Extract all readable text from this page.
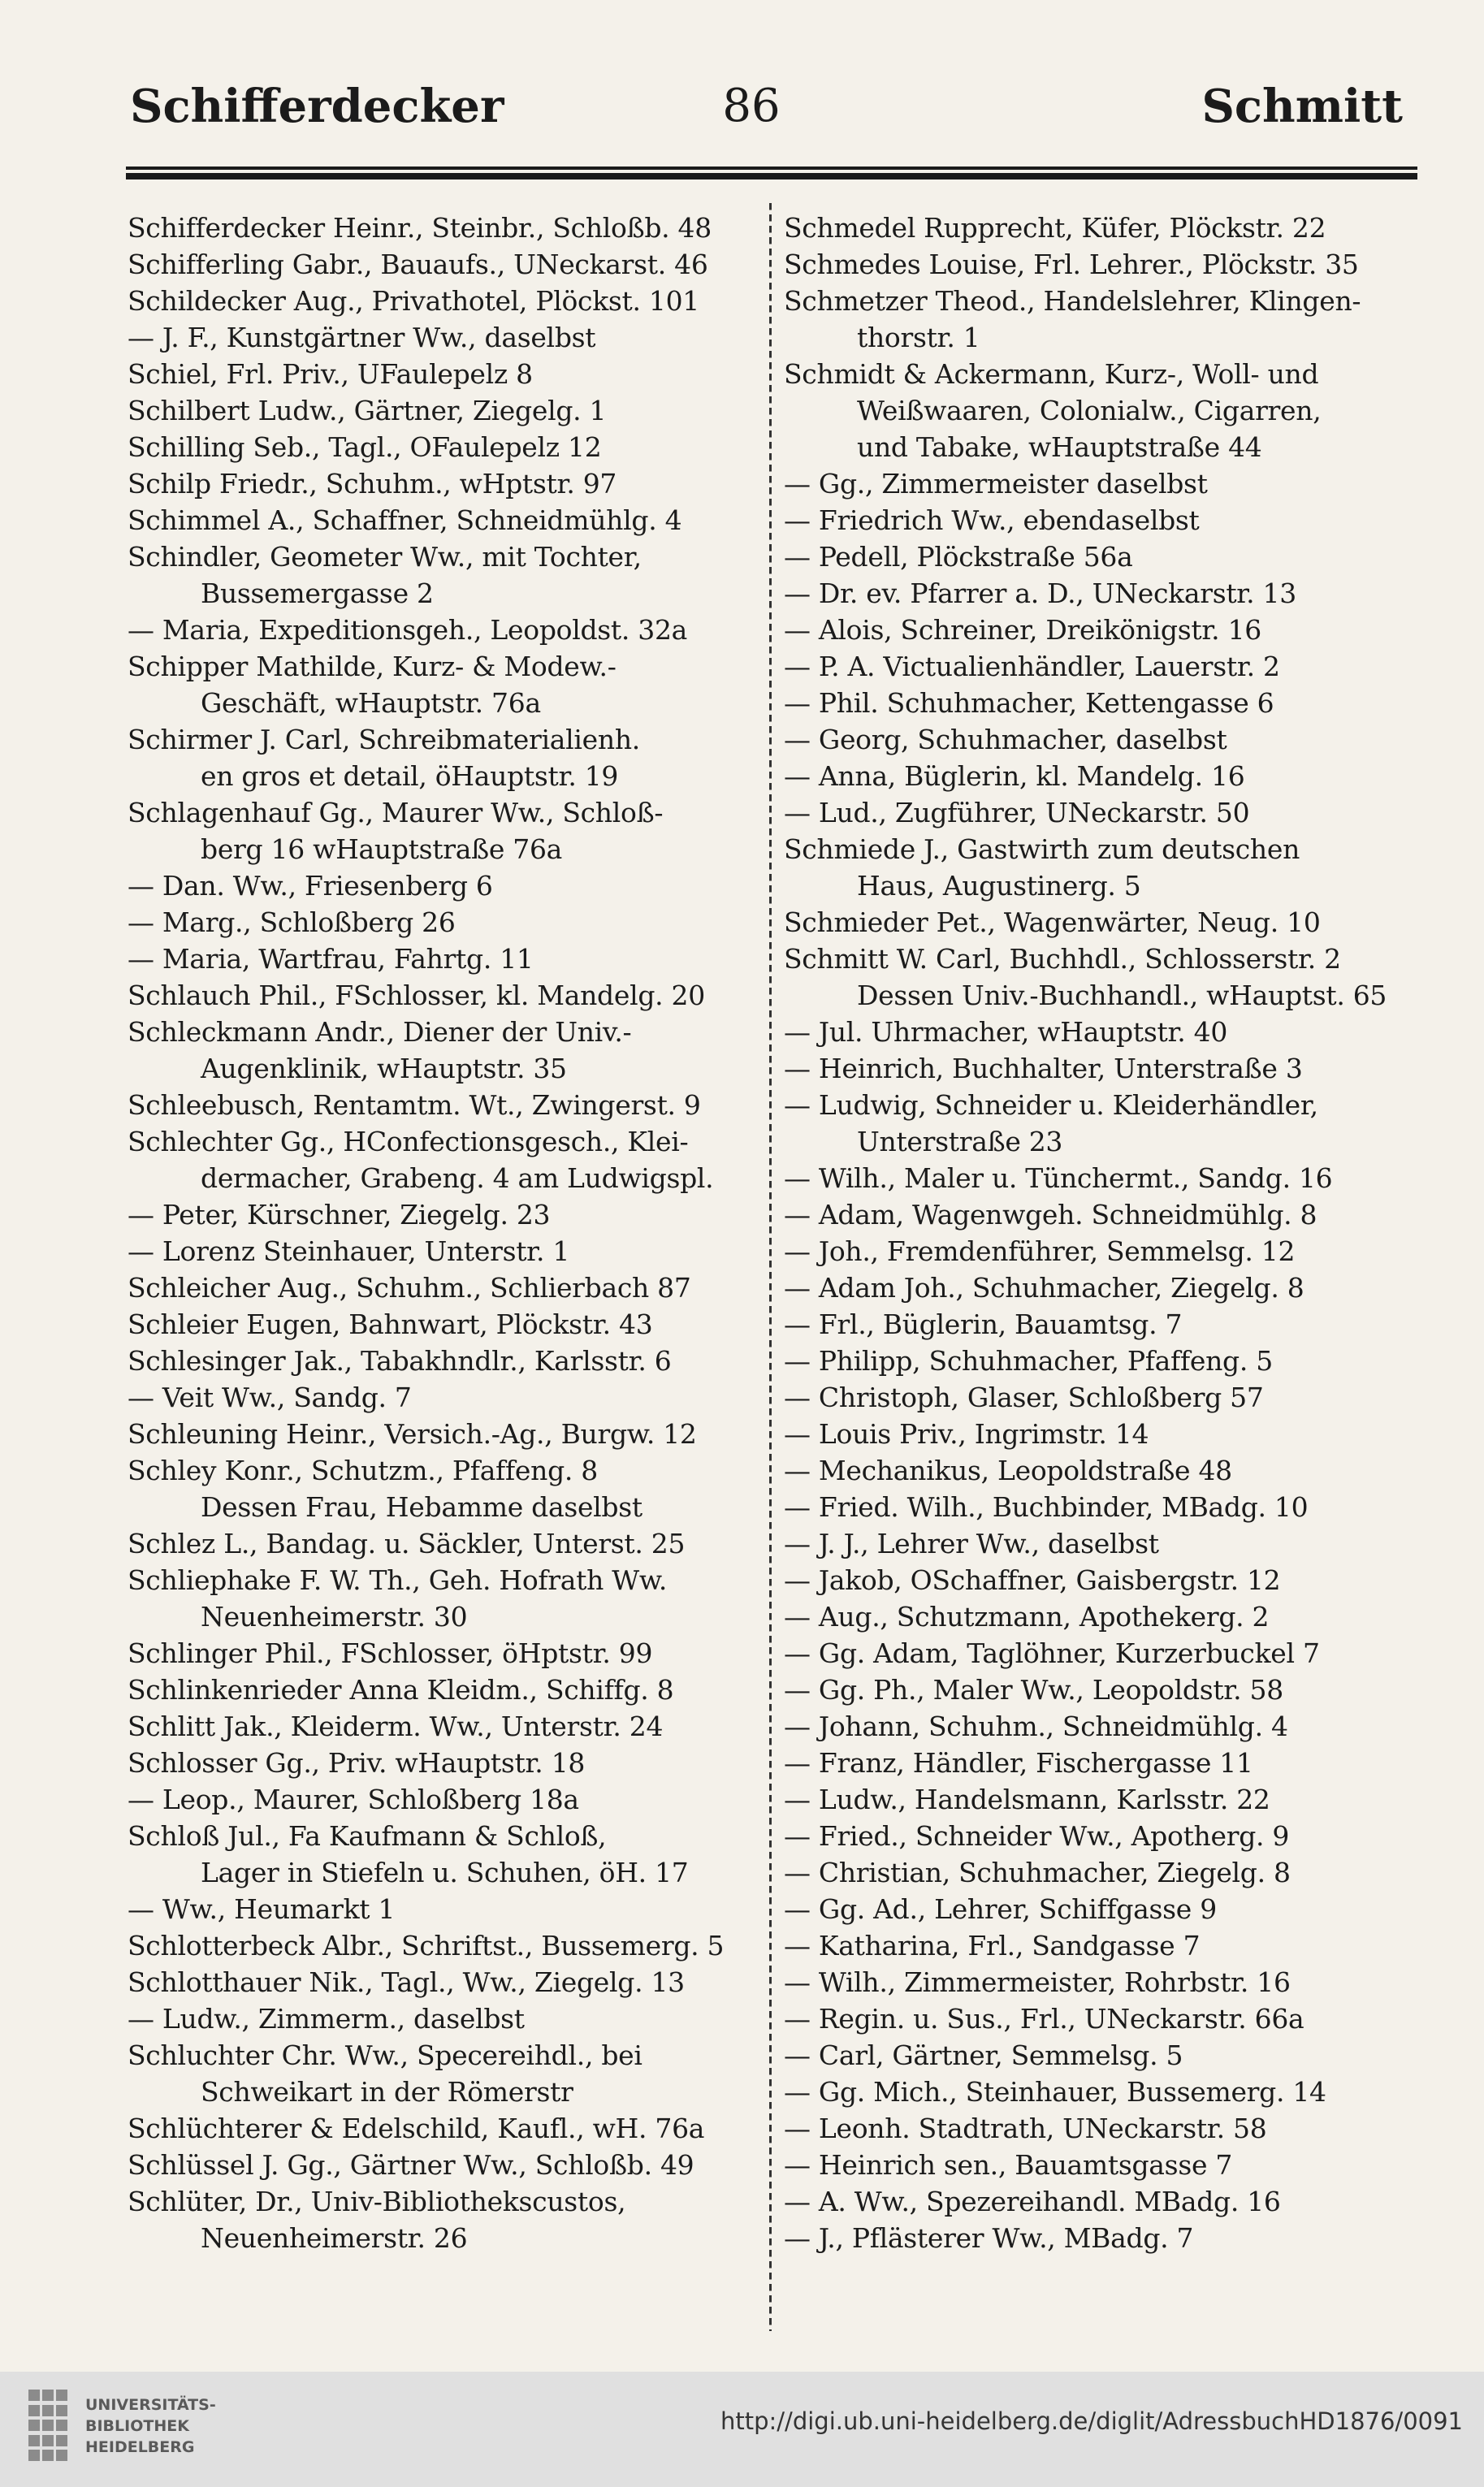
Schifferdecker	86	Schmitt
Schifferdecker Heinr., Steinbr., Schloßb. 48
Schifferling Gabr., Bauaufs., UNeckarst. 46
Schildecker Aug., Privathotel, Plöckst. 101
— J. F., Kunstgärtner Ww., daselbst
Schiel, Frl. Priv., UFaulepelz 8
Schilbert Ludw., Gärtner, Ziegelg. 1
Schilling Seb., Tagl., OFaulepelz 12
Schilp Friedr., Schuhm., wHptstr. 97
Schimmel A., Schaffner, Schneidmühlg. 4
Schindler, Geometer Ww., mit Tochter,
Bussemergasse 2
— Maria, Expeditionsgeh., Leopoldst. 32a
Schipper Mathilde, Kurz- & Modew.-
Geschäft, wHauptstr. 76a
Schirmer J. Carl, Schreibmaterialienh.
en gros et detail, öHauptstr. 19
Schlagenhauf Gg., Maurer Ww., Schloß-
berg 16 wHauptstraße 76a
— Dan. Ww., Friesenberg 6
— Marg., Schloßberg 26
— Maria, Wartfrau, Fahrtg. 11
Schlauch Phil., FSchlosser, kl. Mandelg. 20
Schleckmann Andr., Diener der Univ.-
Augenklinik, wHauptstr. 35
Schleebusch, Rentamtm. Wt., Zwingerst. 9
Schlechter Gg., HConfectionsgesch., Klei-
dermacher, Grabeng. 4 am Ludwigspl.
— Peter, Kürschner, Ziegelg. 23
— Lorenz Steinhauer, Unterstr. 1
Schleicher Aug., Schuhm., Schlierbach 87
Schleier Eugen, Bahnwart, Plöckstr. 43
Schlesinger Jak., Tabakhndlr., Karlsstr. 6
— Veit Ww., Sandg. 7
Schleuning Heinr., Versich.-Ag., Burgw. 12
Schley Konr., Schutzm., Pfaffeng. 8
Dessen Frau, Hebamme daselbst
Schlez L., Bandag. u. Säckler, Unterst. 25
Schliephake F. W. Th., Geh. Hofrath Ww.
Neuenheimerstr. 30
Schlinger Phil., FSchlosser, öHptstr. 99
Schlinkenrieder Anna Kleidm., Schiffg. 8
Schlitt Jak., Kleiderm. Ww., Unterstr. 24
Schlosser Gg., Priv. wHauptstr. 18
— Leop., Maurer, Schloßberg 18a
Schloß Jul., Fa Kaufmann & Schloß,
Lager in Stiefeln u. Schuhen, öH. 17
— Ww., Heumarkt 1
Schlotterbeck Albr., Schriftst., Bussemerg. 5
Schlotthauer Nik., Tagl., Ww., Ziegelg. 13
— Ludw., Zimmerm., daselbst
Schluchter Chr. Ww., Specereihdl., bei
Schweikart in der Römerstr
Schlüchterer & Edelschild, Kaufl., wH. 76a
Schlüssel J. Gg., Gärtner Ww., Schloßb. 49
Schlüter, Dr., Univ-Bibliothekscustos,
Neuenheimerstr. 26
Schmedel Rupprecht, Küfer, Plöckstr. 22
Schmedes Louise, Frl. Lehrer., Plöckstr. 35
Schmetzer Theod., Handelslehrer, Klingen-
thorstr. 1
Schmidt & Ackermann, Kurz-, Woll- und
Weißwaaren, Colonialw., Cigarren,
und Tabake, wHauptstraße 44
— Gg., Zimmermeister daselbst
— Friedrich Ww., ebendaselbst
— Pedell, Plöckstraße 56a
— Dr. ev. Pfarrer a. D., UNeckarstr. 13
— Alois, Schreiner, Dreikönigstr. 16
— P. A. Victualienhändler, Lauerstr. 2
— Phil. Schuhmacher, Kettengasse 6
— Georg, Schuhmacher, daselbst
— Anna, Büglerin, kl. Mandelg. 16
— Lud., Zugführer, UNeckarstr. 50
Schmiede J., Gastwirth zum deutschen
Haus, Augustinerg. 5
Schmieder Pet., Wagenwärter, Neug. 10
Schmitt W. Carl, Buchhdl., Schlosserstr. 2
Dessen Univ.-Buchhandl., wHauptst. 65
— Jul. Uhrmacher, wHauptstr. 40
— Heinrich, Buchhalter, Unterstraße 3
— Ludwig, Schneider u. Kleiderhändler,
Unterstraße 23
— Wilh., Maler u. Tünchermt., Sandg. 16
— Adam, Wagenwgeh. Schneidmühlg. 8
— Joh., Fremdenführer, Semmelsg. 12
— Adam Joh., Schuhmacher, Ziegelg. 8
— Frl., Büglerin, Bauamtsg. 7
— Philipp, Schuhmacher, Pfaffeng. 5
— Christoph, Glaser, Schloßberg 57
— Louis Priv., Ingrimstr. 14
— Mechanikus, Leopoldstraße 48
— Fried. Wilh., Buchbinder, MBadg. 10
— J. J., Lehrer Ww., daselbst
— Jakob, OSchaffner, Gaisbergstr. 12
— Aug., Schutzmann, Apothekerg. 2
— Gg. Adam, Taglöhner, Kurzerbuckel 7
— Gg. Ph., Maler Ww., Leopoldstr. 58
— Johann, Schuhm., Schneidmühlg. 4
— Franz, Händler, Fischergasse 11
— Ludw., Handelsmann, Karlsstr. 22
— Fried., Schneider Ww., Apotherg. 9
— Christian, Schuhmacher, Ziegelg. 8
— Gg. Ad., Lehrer, Schiffgasse 9
— Katharina, Frl., Sandgasse 7
— Wilh., Zimmermeister, Rohrbstr. 16
— Regin. u. Sus., Frl., UNeckarstr. 66a
— Carl, Gärtner, Semmelsg. 5
— Gg. Mich., Steinhauer, Bussemerg. 14
— Leonh. Stadtrath, UNeckarstr. 58
— Heinrich sen., Bauamtsgasse 7
— A. Ww., Spezereihandl. MBadg. 16
— J., Pflästerer Ww., MBadg. 7
UNIVERSITÄTS-
BIBLIOTHEK
HEIDELBERG
http://digi.ub.uni-heidelberg.de/diglit/AdressbuchHD1876/0091
